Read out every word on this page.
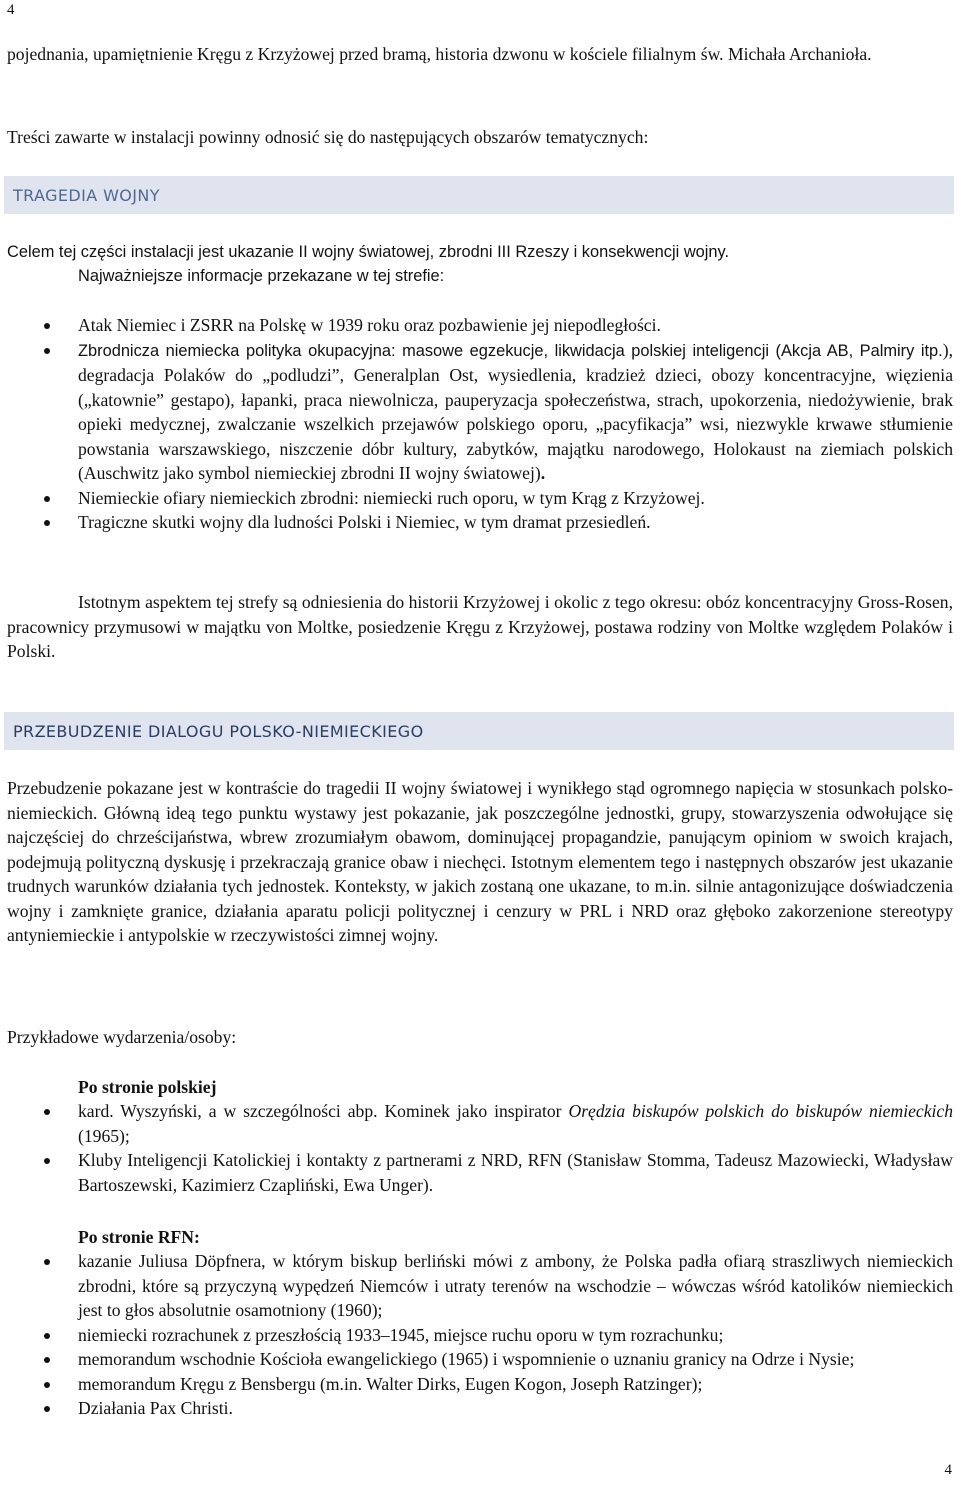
4
pojednania, upamiętnienie Kręgu z Krzyżowej przed bramą, historia dzwonu w kościele filialnym św. Michała Archanioła.
Treści zawarte w instalacji powinny odnosić się do następujących obszarów tematycznych:
TRAGEDIA WOJNY
Celem tej części instalacji jest ukazanie II wojny światowej, zbrodni III Rzeszy i konsekwencji wojny.
Najważniejsze informacje przekazane w tej strefie:
Atak Niemiec i ZSRR na Polskę w 1939 roku oraz pozbawienie jej niepodległości.
Zbrodnicza niemiecka polityka okupacyjna: masowe egzekucje, likwidacja polskiej inteligencji (Akcja AB, Palmiry itp.), degradacja Polaków do „podludzi”, Generalplan Ost, wysiedlenia, kradzież dzieci, obozy koncentracyjne, więzienia („katownie” gestapo), łapanki, praca niewolnicza, pauperyzacja społeczeństwa, strach, upokorzenia, niedożywienie, brak opieki medycznej, zwalczanie wszelkich przejawów polskiego oporu, „pacyfikacja” wsi, niezwykle krwawe stłumienie powstania warszawskiego, niszczenie dóbr kultury, zabytków, majątku narodowego, Holokaust na ziemiach polskich (Auschwitz jako symbol niemieckiej zbrodni II wojny światowej).
Niemieckie ofiary niemieckich zbrodni: niemiecki ruch oporu, w tym Krąg z Krzyżowej.
Tragiczne skutki wojny dla ludności Polski i Niemiec, w tym dramat przesiedleń.
Istotnym aspektem tej strefy są odniesienia do historii Krzyżowej i okolic z tego okresu: obóz koncentracyjny Gross-Rosen, pracownicy przymusowi w majątku von Moltke, posiedzenie Kręgu z Krzyżowej, postawa rodziny von Moltke względem Polaków i Polski.
PRZEBUDZENIE DIALOGU POLSKO-NIEMIECKIEGO
Przebudzenie pokazane jest w kontraście do tragedii II wojny światowej i wynikłego stąd ogromnego napięcia w stosunkach polsko-niemieckich. Główną ideą tego punktu wystawy jest pokazanie, jak poszczególne jednostki, grupy, stowarzyszenia odwołujące się najczęściej do chrześcijaństwa, wbrew zrozumiałym obawom, dominującej propagandzie, panującym opiniom w swoich krajach, podejmują polityczną dyskusję i przekraczają granice obaw i niechęci. Istotnym elementem tego i następnych obszarów jest ukazanie trudnych warunków działania tych jednostek. Konteksty, w jakich zostaną one ukazane, to m.in. silnie antagonizujące doświadczenia wojny i zamknięte granice, działania aparatu policji politycznej i cenzury w PRL i NRD oraz głęboko zakorzenione stereotypy antyniemieckie i antypolskie w rzeczywistości zimnej wojny.
Przykładowe wydarzenia/osoby:
Po stronie polskiej
kard. Wyszyński, a w szczególności abp. Kominek jako inspirator Orędzia biskupów polskich do biskupów niemieckich (1965);
Kluby Inteligencji Katolickiej i kontakty z partnerami z NRD, RFN (Stanisław Stomma, Tadeusz Mazowiecki, Władysław Bartoszewski, Kazimierz Czapliński, Ewa Unger).
Po stronie RFN:
kazanie Juliusa Döpfnera, w którym biskup berliński mówi z ambony, że Polska padła ofiarą straszliwych niemieckich zbrodni, które są przyczyną wypędzeń Niemców i utraty terenów na wschodzie – wówczas wśród katolików niemieckich jest to głos absolutnie osamotniony (1960);
niemiecki rozrachunek z przeszłością 1933–1945, miejsce ruchu oporu w tym rozrachunku;
memorandum wschodnie Kościoła ewangelickiego (1965) i wspomnienie o uznaniu granicy na Odrze i Nysie;
memorandum Kręgu z Bensbergu (m.in. Walter Dirks, Eugen Kogon, Joseph Ratzinger);
Działania Pax Christi.
4
